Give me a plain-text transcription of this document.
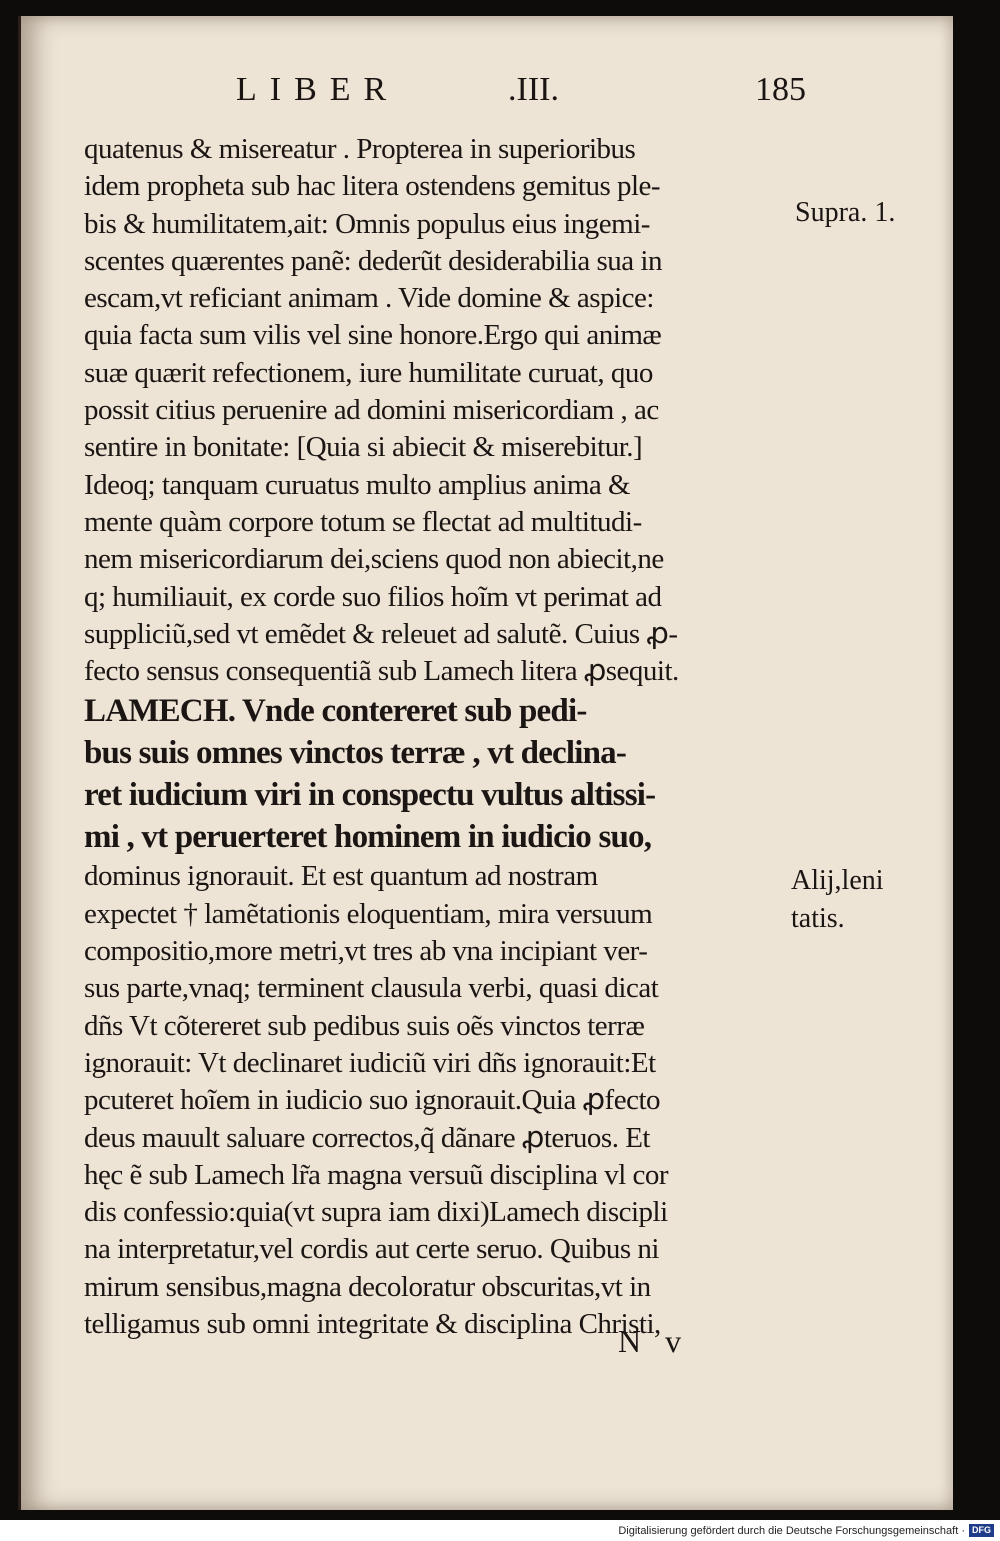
LIBER	.III.	185
quatenus & misereatur . Propterea in superioribus
idem propheta sub hac litera ostendens gemitus ple-
bis & humilitatem,ait: Omnis populus eius ingemi-
scentes quærentes panẽ: dederũt desiderabilia sua in
escam,vt reficiant animam . Vide domine & aspice:
quia facta sum vilis vel sine honore.Ergo qui animæ
suæ quærit refectionem, iure humilitate curuat, quo
possit citius peruenire ad domini misericordiam , ac
sentire in bonitate: [Quia si abiecit & miserebitur.]
Ideoq; tanquam curuatus multo amplius anima &
mente quàm corpore totum se flectat ad multitudi-
nem misericordiarum dei,sciens quod non abiecit,ne
q; humiliauit, ex corde suo filios hoĩm vt perimat ad
suppliciũ,sed vt emẽdet & releuet ad salutẽ. Cuius ꝓ-
fecto sensus consequentiã sub Lamech litera ꝓsequit.
LAMECH. Vnde contereret sub pedi-
bus suis omnes vinctos terræ , vt declina-
ret iudicium viri in conspectu vultus altissi-
mi , vt peruerteret hominem in iudicio suo,
dominus ignorauit. Et est quantum ad nostram
expectet † lamẽtationis eloquentiam, mira versuum
compositio,more metri,vt tres ab vna incipiant ver-
sus parte,vnaq; terminent clausula verbi, quasi dicat
dñs Vt cõtereret sub pedibus suis oẽs vinctos terræ
ignorauit: Vt declinaret iudiciũ viri dñs ignorauit:Et
pcuteret hoĩem in iudicio suo ignorauit.Quia ꝓfecto
deus mauult saluare correctos,q̃ dãnare ꝓteruos. Et
hęc ẽ sub Lamech lr̃a magna versuũ disciplina vl cor
dis confessio:quia(vt supra iam dixi)Lamech discipli
na interpretatur,vel cordis aut certe seruo. Quibus ni
mirum sensibus,magna decoloratur obscuritas,vt in
telligamus sub omni integritate & disciplina Christi,
Supra. 1.
Alij,leni
tatis.
N v
Digitalisierung gefördert durch die Deutsche Forschungsgemeinschaft · DFG
